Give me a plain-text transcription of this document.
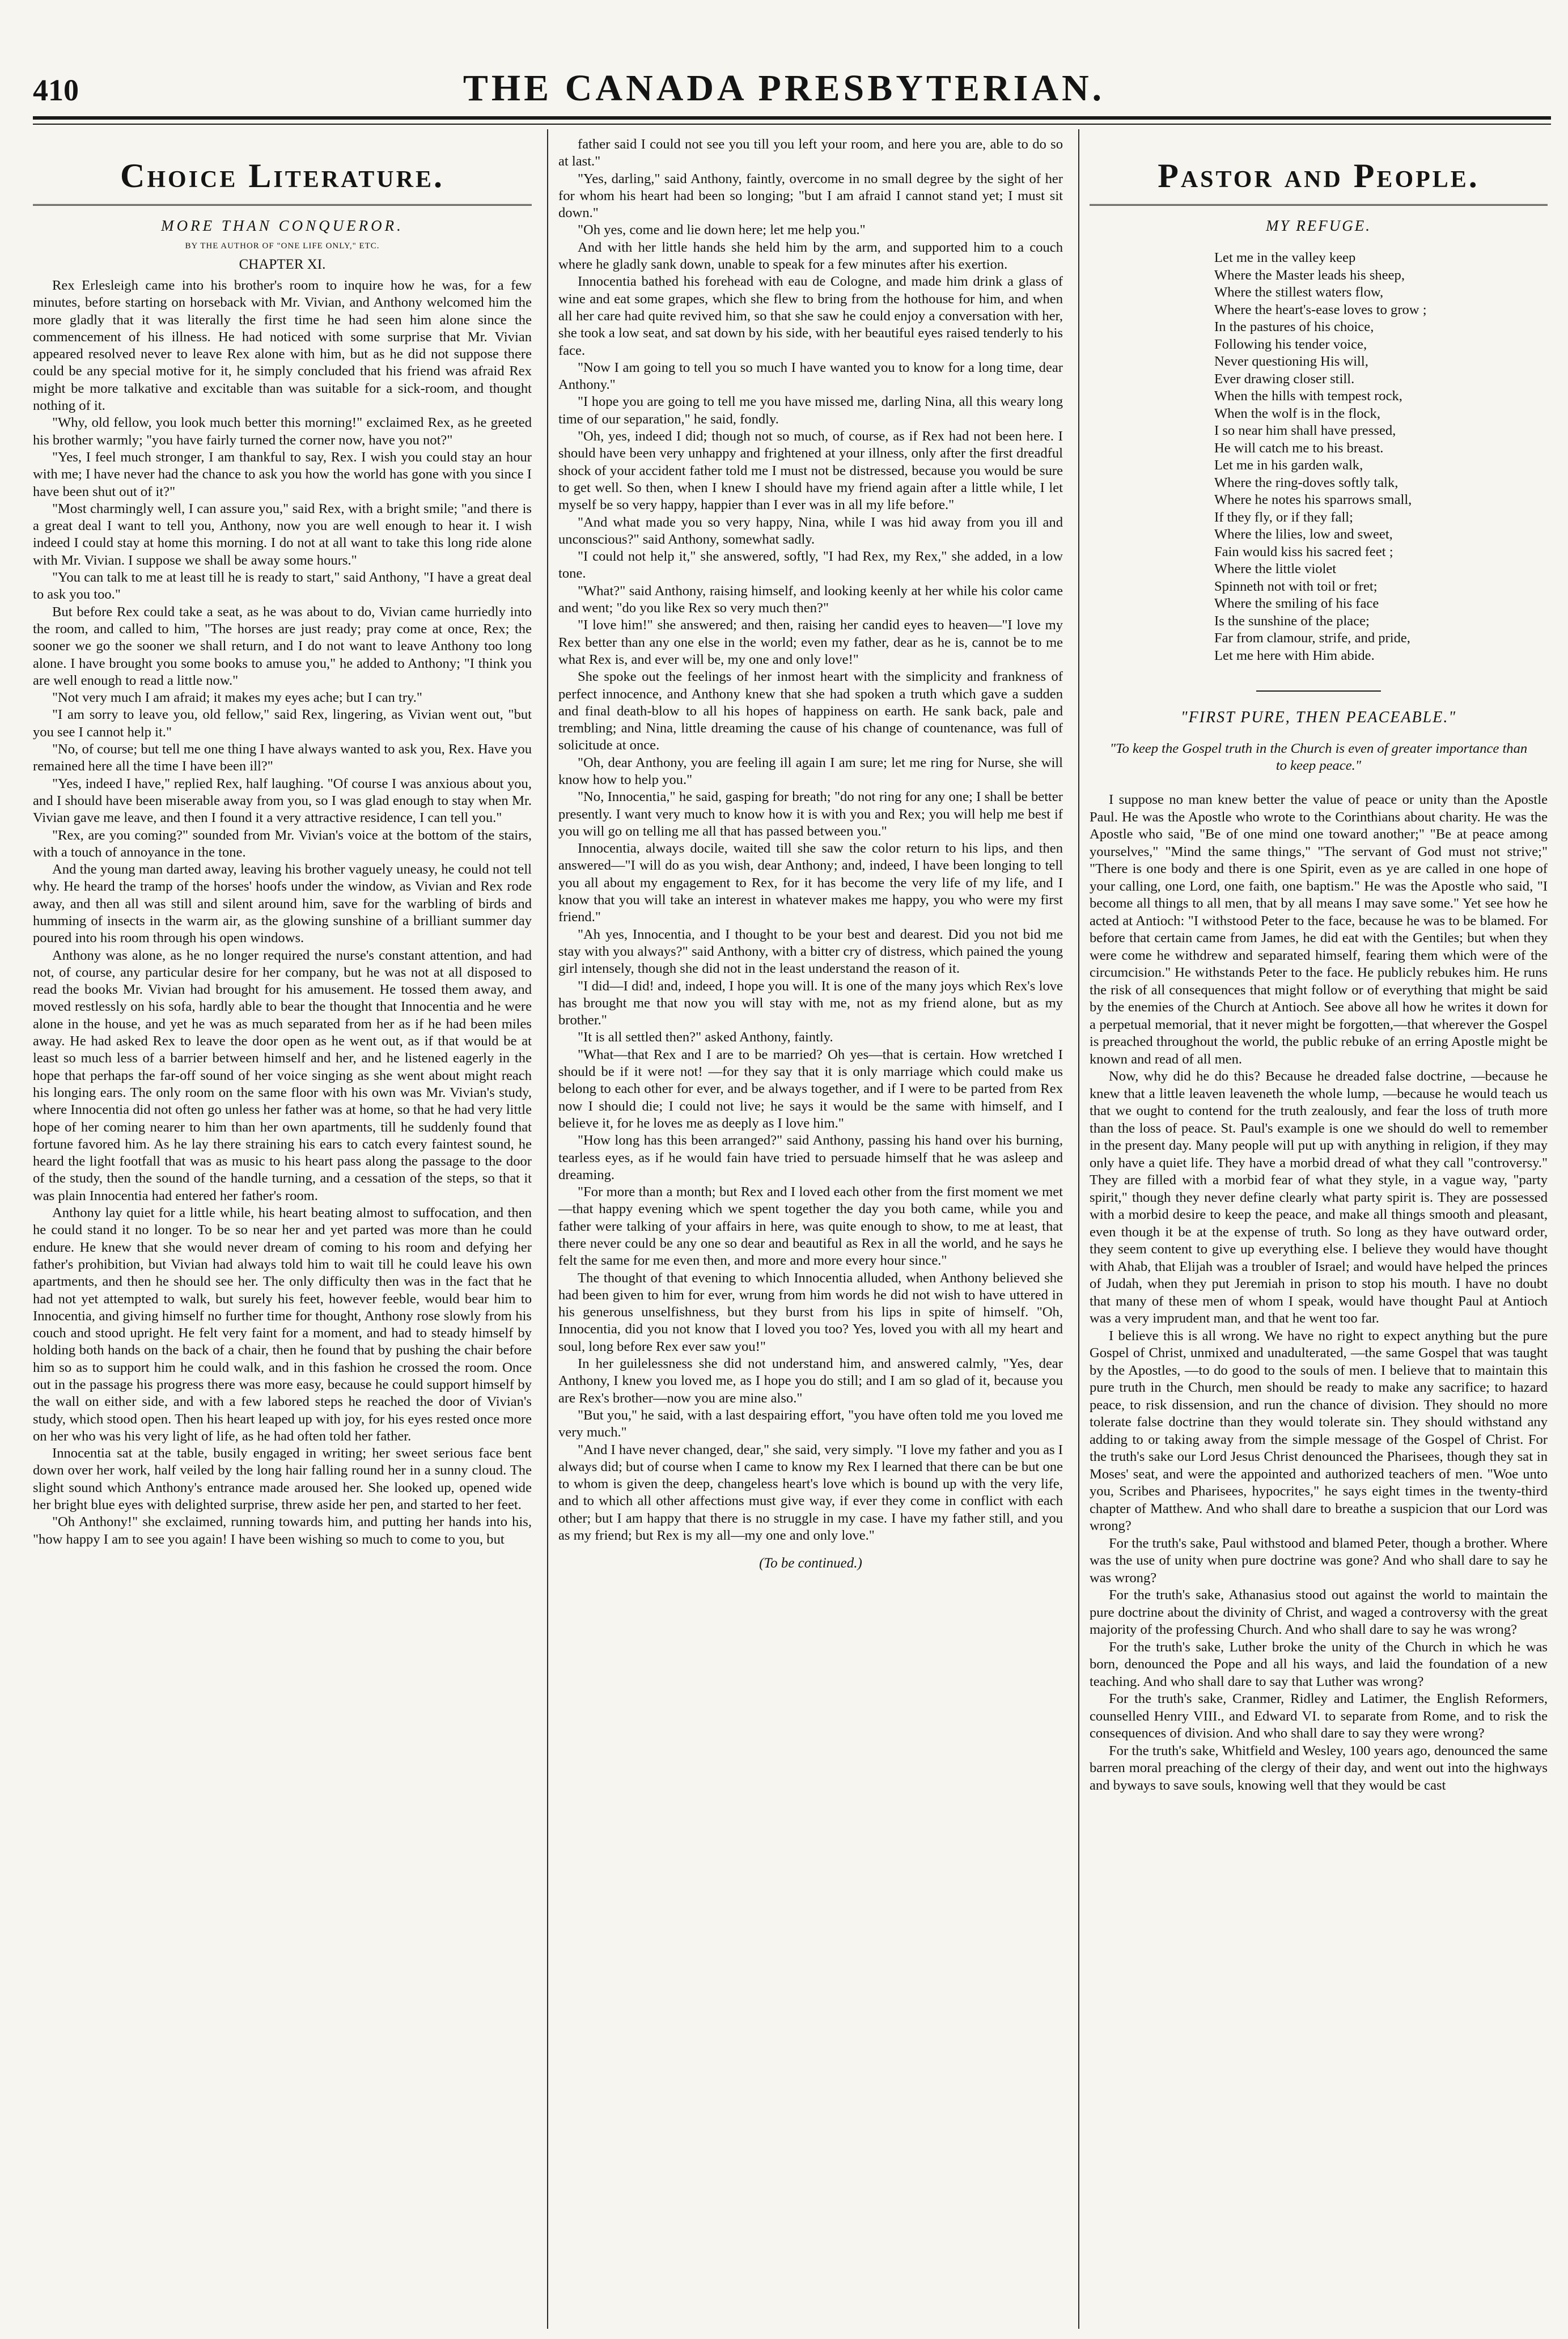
410	THE CANADA PRESBYTERIAN.
Choice Literature.
MORE THAN CONQUEROR.
BY THE AUTHOR OF "ONE LIFE ONLY," ETC.
CHAPTER XI.

Rex Erlesleigh came into his brother's room to inquire how he was, for a few minutes, before starting on horseback with Mr. Vivian, and Anthony welcomed him the more gladly that it was literally the first time he had seen him alone since the commencement of his illness. He had noticed with some surprise that Mr. Vivian appeared resolved never to leave Rex alone with him, but as he did not suppose there could be any special motive for it, he simply concluded that his friend was afraid Rex might be more talkative and excitable than was suitable for a sick-room, and thought nothing of it.

"Why, old fellow, you look much better this morning!" exclaimed Rex, as he greeted his brother warmly; "you have fairly turned the corner now, have you not?"

"Yes, I feel much stronger, I am thankful to say, Rex. I wish you could stay an hour with me; I have never had the chance to ask you how the world has gone with you since I have been shut out of it?"

"Most charmingly well, I can assure you," said Rex, with a bright smile; "and there is a great deal I want to tell you, Anthony, now you are well enough to hear it. I wish indeed I could stay at home this morning. I do not at all want to take this long ride alone with Mr. Vivian. I suppose we shall be away some hours."

"You can talk to me at least till he is ready to start," said Anthony, "I have a great deal to ask you too."

But before Rex could take a seat, as he was about to do, Vivian came hurriedly into the room, and called to him, "The horses are just ready; pray come at once, Rex; the sooner we go the sooner we shall return, and I do not want to leave Anthony too long alone. I have brought you some books to amuse you," he added to Anthony; "I think you are well enough to read a little now."

"Not very much I am afraid; it makes my eyes ache; but I can try."

"I am sorry to leave you, old fellow," said Rex, lingering, as Vivian went out, "but you see I cannot help it."

"No, of course; but tell me one thing I have always wanted to ask you, Rex. Have you remained here all the time I have been ill?"

"Yes, indeed I have," replied Rex, half laughing. "Of course I was anxious about you, and I should have been miserable away from you, so I was glad enough to stay when Mr. Vivian gave me leave, and then I found it a very attractive residence, I can tell you."

"Rex, are you coming?" sounded from Mr. Vivian's voice at the bottom of the stairs, with a touch of annoyance in the tone.

And the young man darted away, leaving his brother vaguely uneasy, he could not tell why. He heard the tramp of the horses' hoofs under the window, as Vivian and Rex rode away, and then all was still and silent around him, save for the warbling of birds and humming of insects in the warm air, as the glowing sunshine of a brilliant summer day poured into his room through his open windows.

Anthony was alone, as he no longer required the nurse's constant attention, and had not, of course, any particular desire for her company, but he was not at all disposed to read the books Mr. Vivian had brought for his amusement. He tossed them away, and moved restlessly on his sofa, hardly able to bear the thought that Innocentia and he were alone in the house, and yet he was as much separated from her as if he had been miles away. He had asked Rex to leave the door open as he went out, as if that would be at least so much less of a barrier between himself and her, and he listened eagerly in the hope that perhaps the far-off sound of her voice singing as she went about might reach his longing ears. The only room on the same floor with his own was Mr. Vivian's study, where Innocentia did not often go unless her father was at home, so that he had very little hope of her coming nearer to him than her own apartments, till he suddenly found that fortune favored him. As he lay there straining his ears to catch every faintest sound, he heard the light footfall that was as music to his heart pass along the passage to the door of the study, then the sound of the handle turning, and a cessation of the steps, so that it was plain Innocentia had entered her father's room.

Anthony lay quiet for a little while, his heart beating almost to suffocation, and then he could stand it no longer. To be so near her and yet parted was more than he could endure. He knew that she would never dream of coming to his room and defying her father's prohibition, but Vivian had always told him to wait till he could leave his own apartments, and then he should see her. The only difficulty then was in the fact that he had not yet attempted to walk, but surely his feet, however feeble, would bear him to Innocentia, and giving himself no further time for thought, Anthony rose slowly from his couch and stood upright. He felt very faint for a moment, and had to steady himself by holding both hands on the back of a chair, then he found that by pushing the chair before him so as to support him he could walk, and in this fashion he crossed the room. Once out in the passage his progress there was more easy, because he could support himself by the wall on either side, and with a few labored steps he reached the door of Vivian's study, which stood open. Then his heart leaped up with joy, for his eyes rested once more on her who was his very light of life, as he had often told her father.

Innocentia sat at the table, busily engaged in writing; her sweet serious face bent down over her work, half veiled by the long hair falling round her in a sunny cloud. The slight sound which Anthony's entrance made aroused her. She looked up, opened wide her bright blue eyes with delighted surprise, threw aside her pen, and started to her feet.

"Oh Anthony!" she exclaimed, running towards him, and putting her hands into his, "how happy I am to see you again! I have been wishing so much to come to you, but

father said I could not see you till you left your room, and here you are, able to do so at last."

"Yes, darling," said Anthony, faintly, overcome in no small degree by the sight of her for whom his heart had been so longing; "but I am afraid I cannot stand yet; I must sit down."

"Oh yes, come and lie down here; let me help you."

And with her little hands she held him by the arm, and supported him to a couch where he gladly sank down, unable to speak for a few minutes after his exertion.

Innocentia bathed his forehead with eau de Cologne, and made him drink a glass of wine and eat some grapes, which she flew to bring from the hothouse for him, and when all her care had quite revived him, so that she saw he could enjoy a conversation with her, she took a low seat, and sat down by his side, with her beautiful eyes raised tenderly to his face.

"Now I am going to tell you so much I have wanted you to know for a long time, dear Anthony."

"I hope you are going to tell me you have missed me, darling Nina, all this weary long time of our separation," he said, fondly.

"Oh, yes, indeed I did; though not so much, of course, as if Rex had not been here. I should have been very unhappy and frightened at your illness, only after the first dreadful shock of your accident father told me I must not be distressed, because you would be sure to get well. So then, when I knew I should have my friend again after a little while, I let myself be so very happy, happier than I ever was in all my life before."

"And what made you so very happy, Nina, while I was hid away from you ill and unconscious?" said Anthony, somewhat sadly.

"I could not help it," she answered, softly, "I had Rex, my Rex," she added, in a low tone.

"What?" said Anthony, raising himself, and looking keenly at her while his color came and went; "do you like Rex so very much then?"

"I love him!" she answered; and then, raising her candid eyes to heaven—"I love my Rex better than any one else in the world; even my father, dear as he is, cannot be to me what Rex is, and ever will be, my one and only love!"

She spoke out the feelings of her inmost heart with the simplicity and frankness of perfect innocence, and Anthony knew that she had spoken a truth which gave a sudden and final death-blow to all his hopes of happiness on earth. He sank back, pale and trembling; and Nina, little dreaming the cause of his change of countenance, was full of solicitude at once.

"Oh, dear Anthony, you are feeling ill again I am sure; let me ring for Nurse, she will know how to help you."

"No, Innocentia," he said, gasping for breath; "do not ring for any one; I shall be better presently. I want very much to know how it is with you and Rex; you will help me best if you will go on telling me all that has passed between you."

Innocentia, always docile, waited till she saw the color return to his lips, and then answered—"I will do as you wish, dear Anthony; and, indeed, I have been longing to tell you all about my engagement to Rex, for it has become the very life of my life, and I know that you will take an interest in whatever makes me happy, you who were my first friend."

"Ah yes, Innocentia, and I thought to be your best and dearest. Did you not bid me stay with you always?" said Anthony, with a bitter cry of distress, which pained the young girl intensely, though she did not in the least understand the reason of it.

"I did—I did! and, indeed, I hope you will. It is one of the many joys which Rex's love has brought me that now you will stay with me, not as my friend alone, but as my brother."

"It is all settled then?" asked Anthony, faintly.

"What—that Rex and I are to be married? Oh yes—that is certain. How wretched I should be if it were not! —for they say that it is only marriage which could make us belong to each other for ever, and be always together, and if I were to be parted from Rex now I should die; I could not live; he says it would be the same with himself, and I believe it, for he loves me as deeply as I love him."

"How long has this been arranged?" said Anthony, passing his hand over his burning, tearless eyes, as if he would fain have tried to persuade himself that he was asleep and dreaming.

"For more than a month; but Rex and I loved each other from the first moment we met—that happy evening which we spent together the day you both came, while you and father were talking of your affairs in here, was quite enough to show, to me at least, that there never could be any one so dear and beautiful as Rex in all the world, and he says he felt the same for me even then, and more and more every hour since."

The thought of that evening to which Innocentia alluded, when Anthony believed she had been given to him for ever, wrung from him words he did not wish to have uttered in his generous unselfishness, but they burst from his lips in spite of himself. "Oh, Innocentia, did you not know that I loved you too? Yes, loved you with all my heart and soul, long before Rex ever saw you!"

In her guilelessness she did not understand him, and answered calmly, "Yes, dear Anthony, I knew you loved me, as I hope you do still; and I am so glad of it, because you are Rex's brother—now you are mine also."

"But you," he said, with a last despairing effort, "you have often told me you loved me very much."

"And I have never changed, dear," she said, very simply. "I love my father and you as I always did; but of course when I came to know my Rex I learned that there can be but one to whom is given the deep, changeless heart's love which is bound up with the very life, and to which all other affections must give way, if ever they come in conflict with each other; but I am happy that there is no struggle in my case. I have my father still, and you as my friend; but Rex is my all—my one and only love."

(To be continued.)
Pastor and People.
MY REFUGE.
Let me in the valley keep
Where the Master leads his sheep,
Where the stillest waters flow,
Where the heart's-ease loves to grow ;
In the pastures of his choice,
Following his tender voice,
Never questioning His will,
Ever drawing closer still.
When the hills with tempest rock,
When the wolf is in the flock,
I so near him shall have pressed,
He will catch me to his breast.
Let me in his garden walk,
Where the ring-doves softly talk,
Where he notes his sparrows small,
If they fly, or if they fall;
Where the lilies, low and sweet,
Fain would kiss his sacred feet ;
Where the little violet
Spinneth not with toil or fret;
Where the smiling of his face
Is the sunshine of the place;
Far from clamour, strife, and pride,
Let me here with Him abide.
"FIRST PURE, THEN PEACEABLE."
"To keep the Gospel truth in the Church is even of greater importance than to keep peace."

I suppose no man knew better the value of peace or unity than the Apostle Paul. He was the Apostle who wrote to the Corinthians about charity. He was the Apostle who said, "Be of one mind one toward another;" "Be at peace among yourselves," "Mind the same things," "The servant of God must not strive;" "There is one body and there is one Spirit, even as ye are called in one hope of your calling, one Lord, one faith, one baptism." He was the Apostle who said, "I become all things to all men, that by all means I may save some." Yet see how he acted at Antioch: "I withstood Peter to the face, because he was to be blamed. For before that certain came from James, he did eat with the Gentiles; but when they were come he withdrew and separated himself, fearing them which were of the circumcision." He withstands Peter to the face. He publicly rebukes him. He runs the risk of all consequences that might follow or of everything that might be said by the enemies of the Church at Antioch. See above all how he writes it down for a perpetual memorial, that it never might be forgotten,—that wherever the Gospel is preached throughout the world, the public rebuke of an erring Apostle might be known and read of all men.

Now, why did he do this? Because he dreaded false doctrine, —because he knew that a little leaven leaveneth the whole lump, —because he would teach us that we ought to contend for the truth zealously, and fear the loss of truth more than the loss of peace. St. Paul's example is one we should do well to remember in the present day. Many people will put up with anything in religion, if they may only have a quiet life. They have a morbid dread of what they call "controversy." They are filled with a morbid fear of what they style, in a vague way, "party spirit," though they never define clearly what party spirit is. They are possessed with a morbid desire to keep the peace, and make all things smooth and pleasant, even though it be at the expense of truth. So long as they have outward order, they seem content to give up everything else. I believe they would have thought with Ahab, that Elijah was a troubler of Israel; and would have helped the princes of Judah, when they put Jeremiah in prison to stop his mouth. I have no doubt that many of these men of whom I speak, would have thought Paul at Antioch was a very imprudent man, and that he went too far.

I believe this is all wrong. We have no right to expect anything but the pure Gospel of Christ, unmixed and unadulterated, —the same Gospel that was taught by the Apostles, —to do good to the souls of men. I believe that to maintain this pure truth in the Church, men should be ready to make any sacrifice; to hazard peace, to risk dissension, and run the chance of division. They should no more tolerate false doctrine than they would tolerate sin. They should withstand any adding to or taking away from the simple message of the Gospel of Christ. For the truth's sake our Lord Jesus Christ denounced the Pharisees, though they sat in Moses' seat, and were the appointed and authorized teachers of men. "Woe unto you, Scribes and Pharisees, hypocrites," he says eight times in the twenty-third chapter of Matthew. And who shall dare to breathe a suspicion that our Lord was wrong?

For the truth's sake, Paul withstood and blamed Peter, though a brother. Where was the use of unity when pure doctrine was gone? And who shall dare to say he was wrong?

For the truth's sake, Athanasius stood out against the world to maintain the pure doctrine about the divinity of Christ, and waged a controversy with the great majority of the professing Church. And who shall dare to say he was wrong?

For the truth's sake, Luther broke the unity of the Church in which he was born, denounced the Pope and all his ways, and laid the foundation of a new teaching. And who shall dare to say that Luther was wrong?

For the truth's sake, Cranmer, Ridley and Latimer, the English Reformers, counselled Henry VIII., and Edward VI. to separate from Rome, and to risk the consequences of division. And who shall dare to say they were wrong?

For the truth's sake, Whitfield and Wesley, 100 years ago, denounced the same barren moral preaching of the clergy of their day, and went out into the highways and byways to save souls, knowing well that they would be cast
